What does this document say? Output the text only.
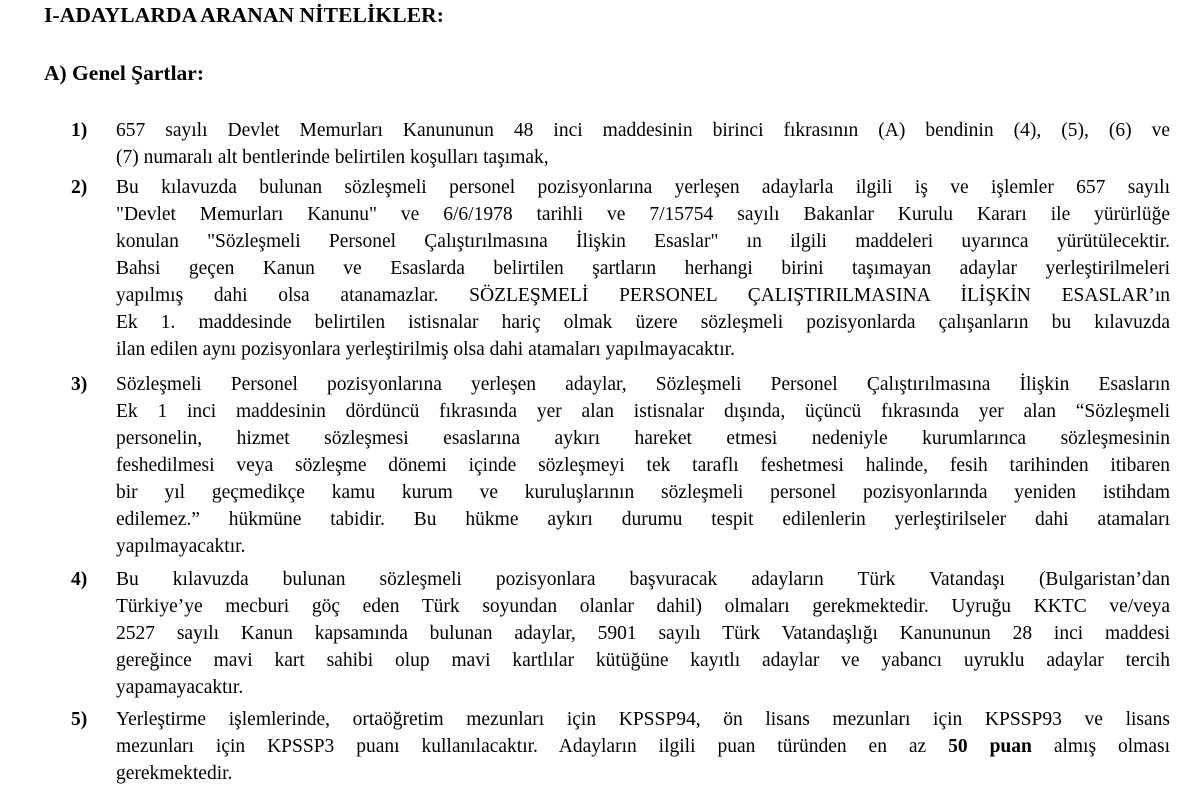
I-ADAYLARDA ARANAN NİTELİKLER:
A) Genel Şartlar:
1) 657 sayılı Devlet Memurları Kanununun 48 inci maddesinin birinci fıkrasının (A) bendinin (4), (5), (6) ve
(7) numaralı alt bentlerinde belirtilen koşulları taşımak,
2) Bu kılavuzda bulunan sözleşmeli personel pozisyonlarına yerleşen adaylarla ilgili iş ve işlemler 657 sayılı
"Devlet Memurları Kanunu" ve 6/6/1978 tarihli ve 7/15754 sayılı Bakanlar Kurulu Kararı ile yürürlüğe
konulan "Sözleşmeli Personel Çalıştırılmasına İlişkin Esaslar" ın ilgili maddeleri uyarınca yürütülecektir.
Bahsi geçen Kanun ve Esaslarda belirtilen şartların herhangi birini taşımayan adaylar yerleştirilmeleri
yapılmış dahi olsa atanamazlar. SÖZLEŞMELİ PERSONEL ÇALIŞTIRILMASINA İLİŞKİN ESASLAR’ın
Ek 1. maddesinde belirtilen istisnalar hariç olmak üzere sözleşmeli pozisyonlarda çalışanların bu kılavuzda
ilan edilen aynı pozisyonlara yerleştirilmiş olsa dahi atamaları yapılmayacaktır.
3) Sözleşmeli Personel pozisyonlarına yerleşen adaylar, Sözleşmeli Personel Çalıştırılmasına İlişkin Esasların
Ek 1 inci maddesinin dördüncü fıkrasında yer alan istisnalar dışında, üçüncü fıkrasında yer alan “Sözleşmeli
personelin, hizmet sözleşmesi esaslarına aykırı hareket etmesi nedeniyle kurumlarınca sözleşmesinin
feshedilmesi veya sözleşme dönemi içinde sözleşmeyi tek taraflı feshetmesi halinde, fesih tarihinden itibaren
bir yıl geçmedikçe kamu kurum ve kuruluşlarının sözleşmeli personel pozisyonlarında yeniden istihdam
edilemez.” hükmüne tabidir. Bu hükme aykırı durumu tespit edilenlerin yerleştirilseler dahi atamaları
yapılmayacaktır.
4) Bu kılavuzda bulunan sözleşmeli pozisyonlara başvuracak adayların Türk Vatandaşı (Bulgaristan’dan
Türkiye’ye mecburi göç eden Türk soyundan olanlar dahil) olmaları gerekmektedir. Uyruğu KKTC ve/veya
2527 sayılı Kanun kapsamında bulunan adaylar, 5901 sayılı Türk Vatandaşlığı Kanununun 28 inci maddesi
gereğince mavi kart sahibi olup mavi kartlılar kütüğüne kayıtlı adaylar ve yabancı uyruklu adaylar tercih
yapamayacaktır.
5) Yerleştirme işlemlerinde, ortaöğretim mezunları için KPSSP94, ön lisans mezunları için KPSSP93 ve lisans
mezunları için KPSSP3 puanı kullanılacaktır. Adayların ilgili puan türünden en az 50 puan almış olması
gerekmektedir.
